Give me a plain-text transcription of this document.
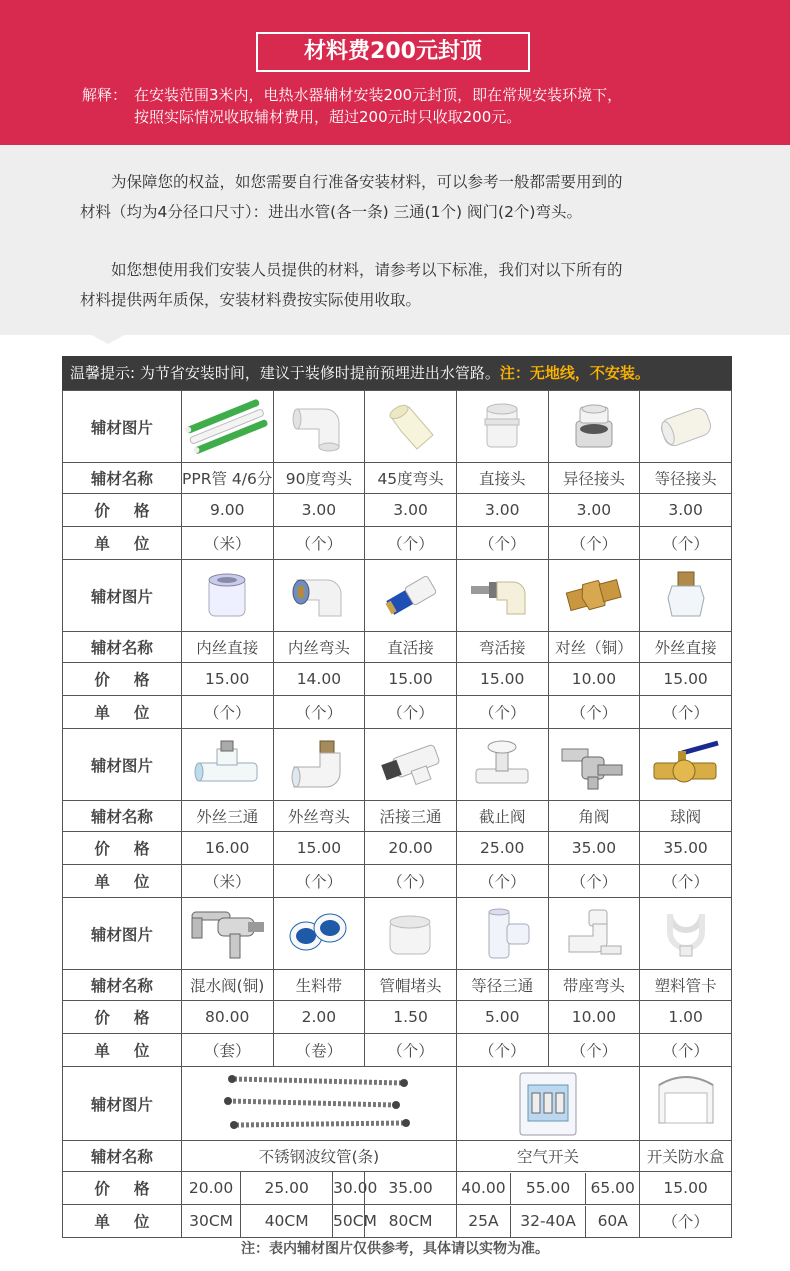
材料费200元封顶
解释： 在安装范围3米内，电热水器辅材安装200元封顶，即在常规安装环境下，
按照实际情况收取辅材费用，超过200元时只收取200元。

为保障您的权益，如您需要自行准备安装材料，可以参考一般都需要用到的
材料（均为4分径口尺寸）：进出水管(各一条) 三通(1个) 阀门(2个)弯头。

如您想使用我们安装人员提供的材料，请参考以下标准，我们对以下所有的
材料提供两年质保，安装材料费按实际使用收取。

温馨提示: 为节省安装时间，建议于装修时提前预埋进出水管路。注：无地线，不安装。
辅材图片	

辅材名称	PPR管 4/6分		90度弯头		45度弯头	直接头	异径接头	等径接头
价格	9.00		3.00		3.00	3.00	3.00	3.00
单位	（米）		（个）		（个）	（个）	（个）	（个）
辅材图片	

辅材名称	内丝直接		内丝弯头		直活接	弯活接	对丝（铜）	外丝直接
价格	15.00		14.00		15.00	15.00	10.00	15.00
单位	（个）		（个）		（个）	（个）	（个）	（个）
辅材图片	

辅材名称	外丝三通		外丝弯头		活接三通	截止阀	角阀	球阀
价格	16.00		15.00		20.00	25.00	35.00	35.00
单位	（米）		（个）		（个）	（个）	（个）	（个）
辅材图片	

辅材名称	混水阀(铜)		生料带		管帽堵头	等径三通	带座弯头	塑料管卡
价格	80.00		2.00		1.50	5.00	10.00	1.00
单位	（套）		（卷）		（个）	（个）	（个）	（个）
辅材图片	

辅材名称	不锈钢波纹管(条)					空气开关		开关防水盒
价格	20.00	25.00		30.00	35.00	40.00 55.00 65.00		15.00
单位	30CM	40CM		50CM	80CM	25A 32-40A 60A		（个）
注：表内辅材图片仅供参考，具体请以实物为准。
